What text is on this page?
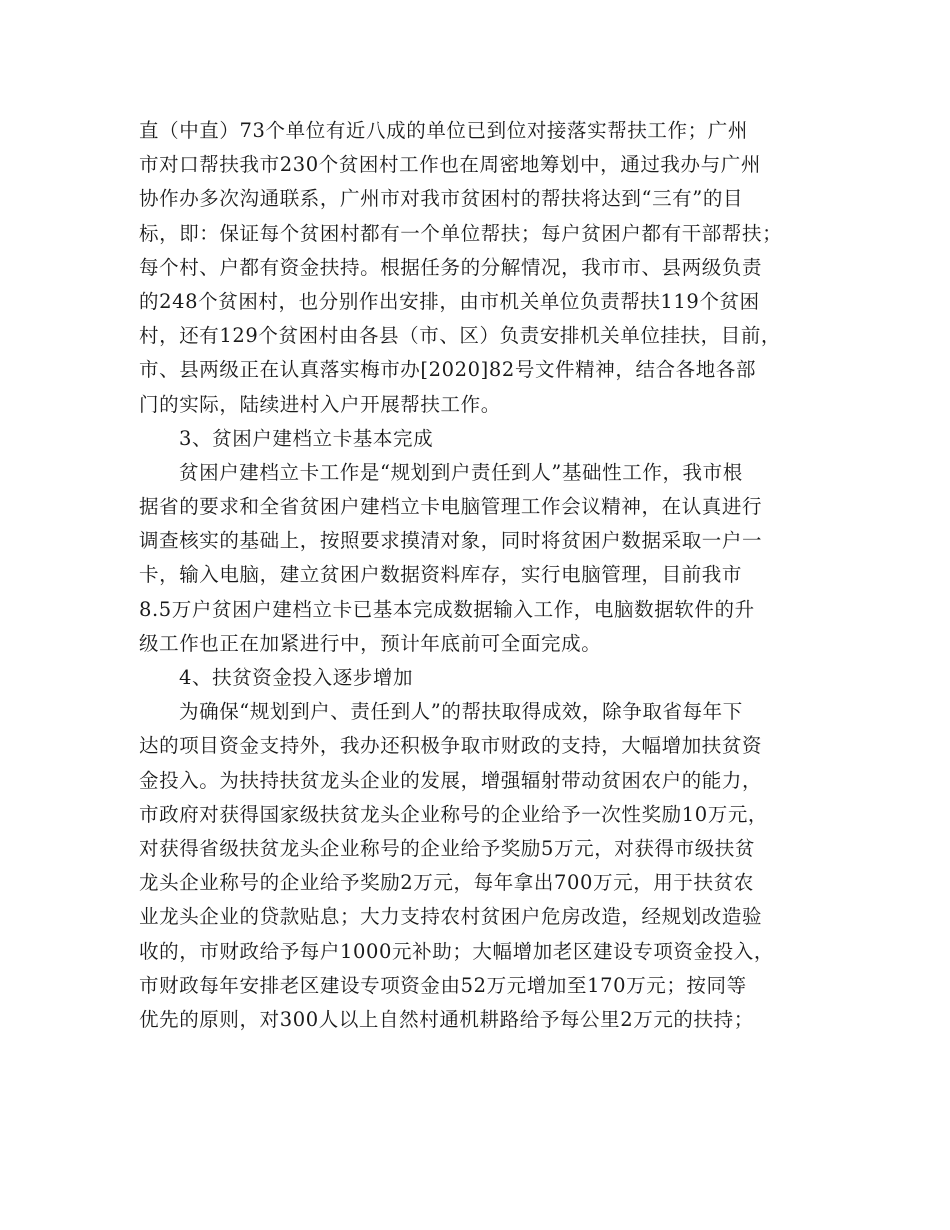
直（中直）73个单位有近八成的单位已到位对接落实帮扶工作；广州
市对口帮扶我市230个贫困村工作也在周密地筹划中，通过我办与广州
协作办多次沟通联系，广州市对我市贫困村的帮扶将达到“三有”的目
标，即：保证每个贫困村都有一个单位帮扶；每户贫困户都有干部帮扶；
每个村、户都有资金扶持。根据任务的分解情况，我市市、县两级负责
的248个贫困村，也分别作出安排，由市机关单位负责帮扶119个贫困
村，还有129个贫困村由各县（市、区）负责安排机关单位挂扶，目前，
市、县两级正在认真落实梅市办[2020]82号文件精神，结合各地各部
门的实际，陆续进村入户开展帮扶工作。
3、贫困户建档立卡基本完成
贫困户建档立卡工作是“规划到户责任到人”基础性工作，我市根
据省的要求和全省贫困户建档立卡电脑管理工作会议精神，在认真进行
调查核实的基础上，按照要求摸清对象，同时将贫困户数据采取一户一
卡，输入电脑，建立贫困户数据资料库存，实行电脑管理，目前我市
8.5万户贫困户建档立卡已基本完成数据输入工作，电脑数据软件的升
级工作也正在加紧进行中，预计年底前可全面完成。
4、扶贫资金投入逐步增加
为确保“规划到户、责任到人”的帮扶取得成效，除争取省每年下
达的项目资金支持外，我办还积极争取市财政的支持，大幅增加扶贫资
金投入。为扶持扶贫龙头企业的发展，增强辐射带动贫困农户的能力，
市政府对获得国家级扶贫龙头企业称号的企业给予一次性奖励10万元，
对获得省级扶贫龙头企业称号的企业给予奖励5万元，对获得市级扶贫
龙头企业称号的企业给予奖励2万元，每年拿出700万元，用于扶贫农
业龙头企业的贷款贴息；大力支持农村贫困户危房改造，经规划改造验
收的，市财政给予每户1000元补助；大幅增加老区建设专项资金投入，
市财政每年安排老区建设专项资金由52万元增加至170万元；按同等
优先的原则，对300人以上自然村通机耕路给予每公里2万元的扶持；
